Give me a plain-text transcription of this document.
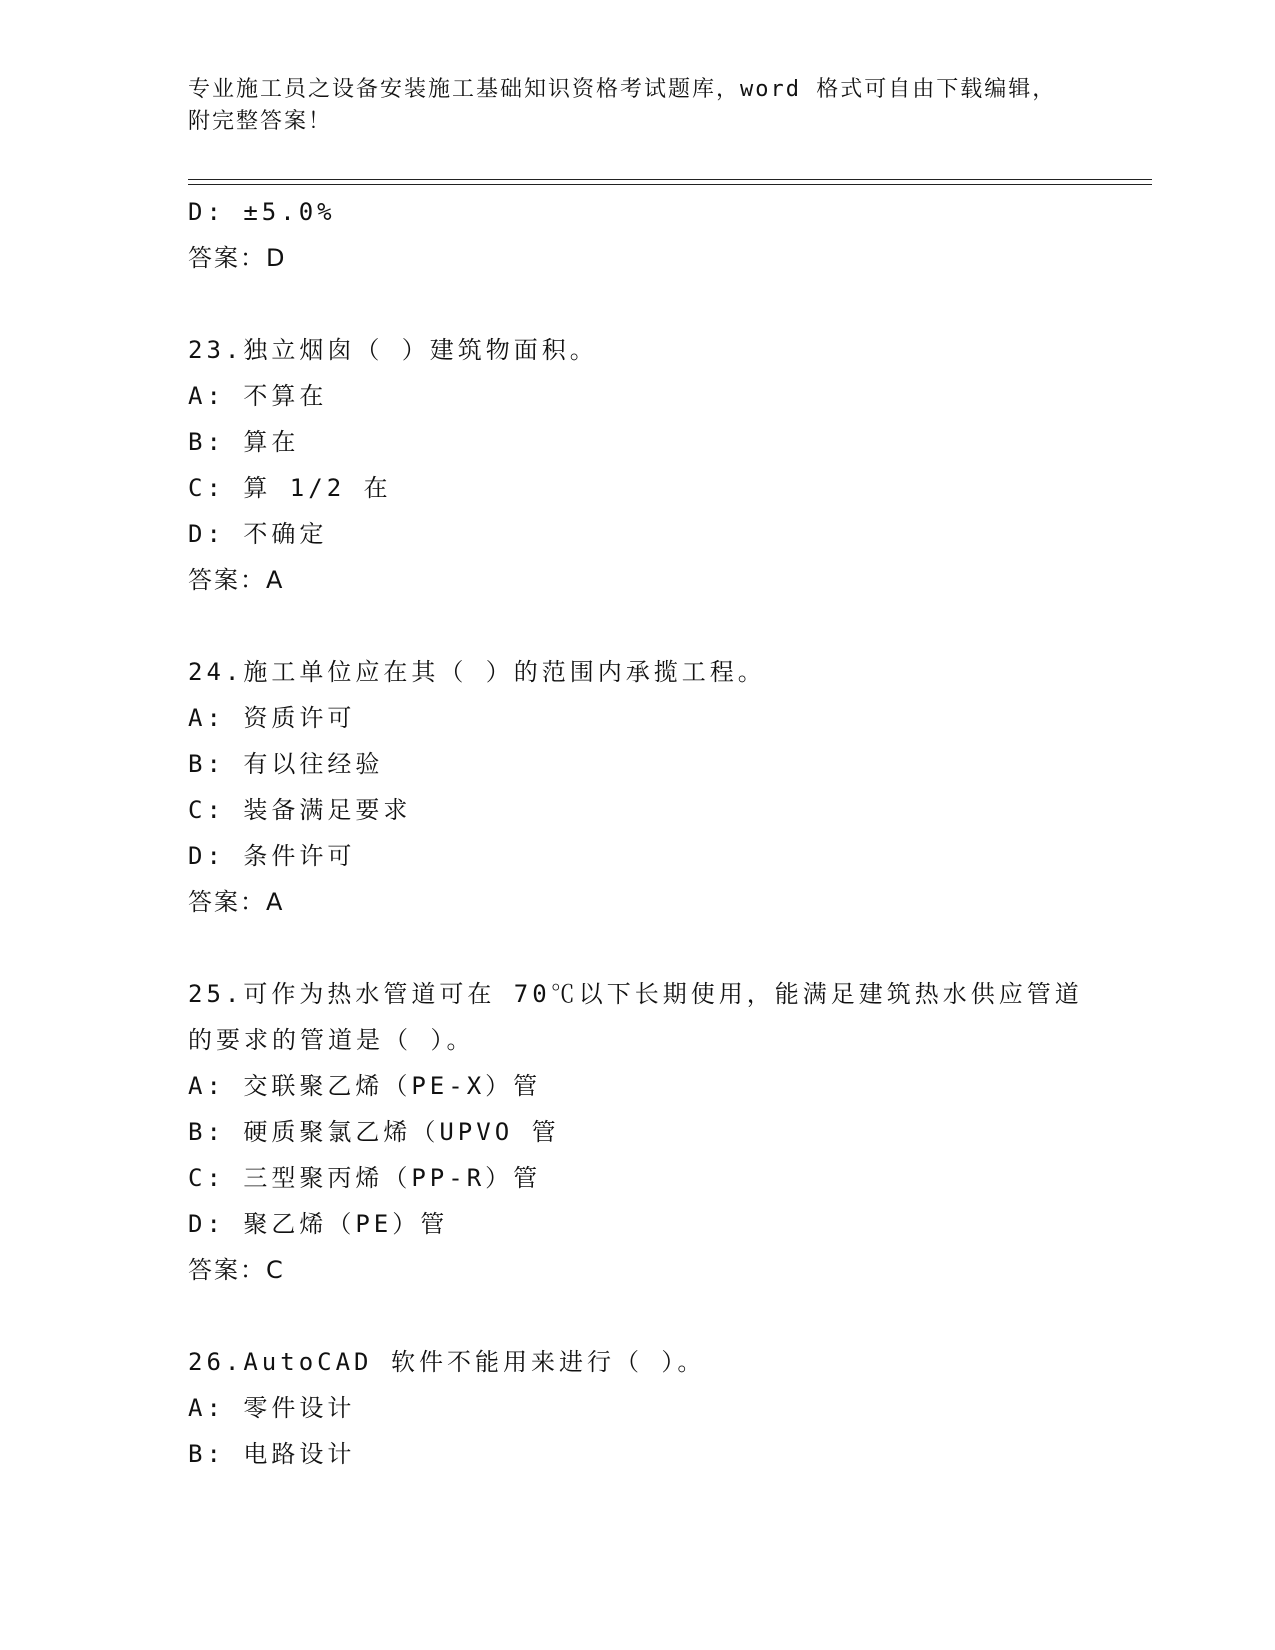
专业施工员之设备安装施工基础知识资格考试题库，word 格式可自由下载编辑，
附完整答案！
D: ±5.0%
答案：D
23.独立烟囱（ ）建筑物面积。
A: 不算在
B: 算在
C: 算 1/2 在
D: 不确定
答案：A
24.施工单位应在其（ ）的范围内承揽工程。
A: 资质许可
B: 有以往经验
C: 装备满足要求
D: 条件许可
答案：A
25.可作为热水管道可在 70℃以下长期使用，能满足建筑热水供应管道
的要求的管道是（ ）。
A: 交联聚乙烯（PE-X）管
B: 硬质聚氯乙烯（UPVO 管
C: 三型聚丙烯（PP-R）管
D: 聚乙烯（PE）管
答案：C
26.AutoCAD 软件不能用来进行（ ）。
A: 零件设计
B: 电路设计
